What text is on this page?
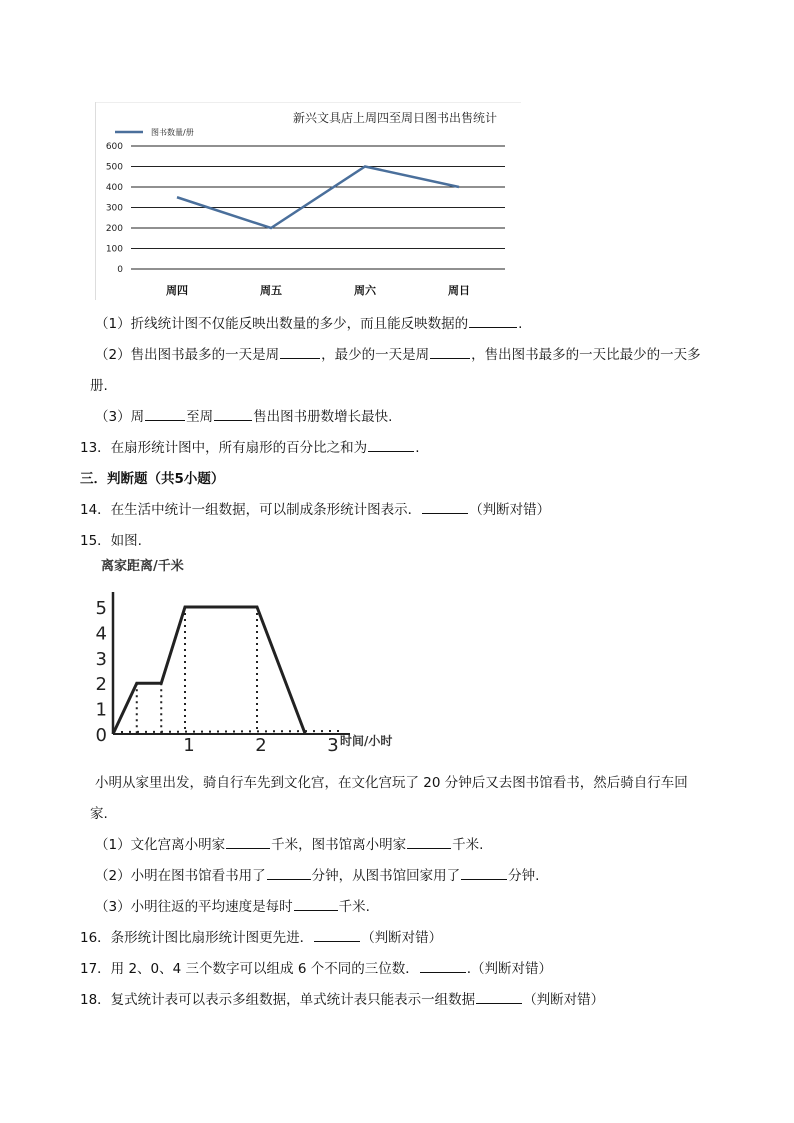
新兴文具店上周四至周日图书出售统计
图书数量/册
0
100
200
300
400
500
600
周四	周五	周六	周日
（1）折线统计图不仅能反映出数量的多少，而且能反映数据的	.
（2）售出图书最多的一天是周	，最少的一天是周	，售出图书最多的一天比最少的一天多
册.
（3）周	至周	售出图书册数增长最快.
13．在扇形统计图中，所有扇形的百分比之和为	.
三．判断题（共5小题）
14．在生活中统计一组数据，可以制成条形统计图表示．	（判断对错）
15．如图.
离家距离/千米
时间/小时
0
1
2
3
4
5
1	2	3
小明从家里出发，骑自行车先到文化宫，在文化宫玩了 20 分钟后又去图书馆看书，然后骑自行车回
家.
（1）文化宫离小明家	千米，图书馆离小明家	千米.
（2）小明在图书馆看书用了	分钟，从图书馆回家用了	分钟.
（3）小明往返的平均速度是每时	千米.
16．条形统计图比扇形统计图更先进．	（判断对错）
17．用 2、0、4 三个数字可以组成 6 个不同的三位数．	.（判断对错）
18．复式统计表可以表示多组数据，单式统计表只能表示一组数据	（判断对错）
